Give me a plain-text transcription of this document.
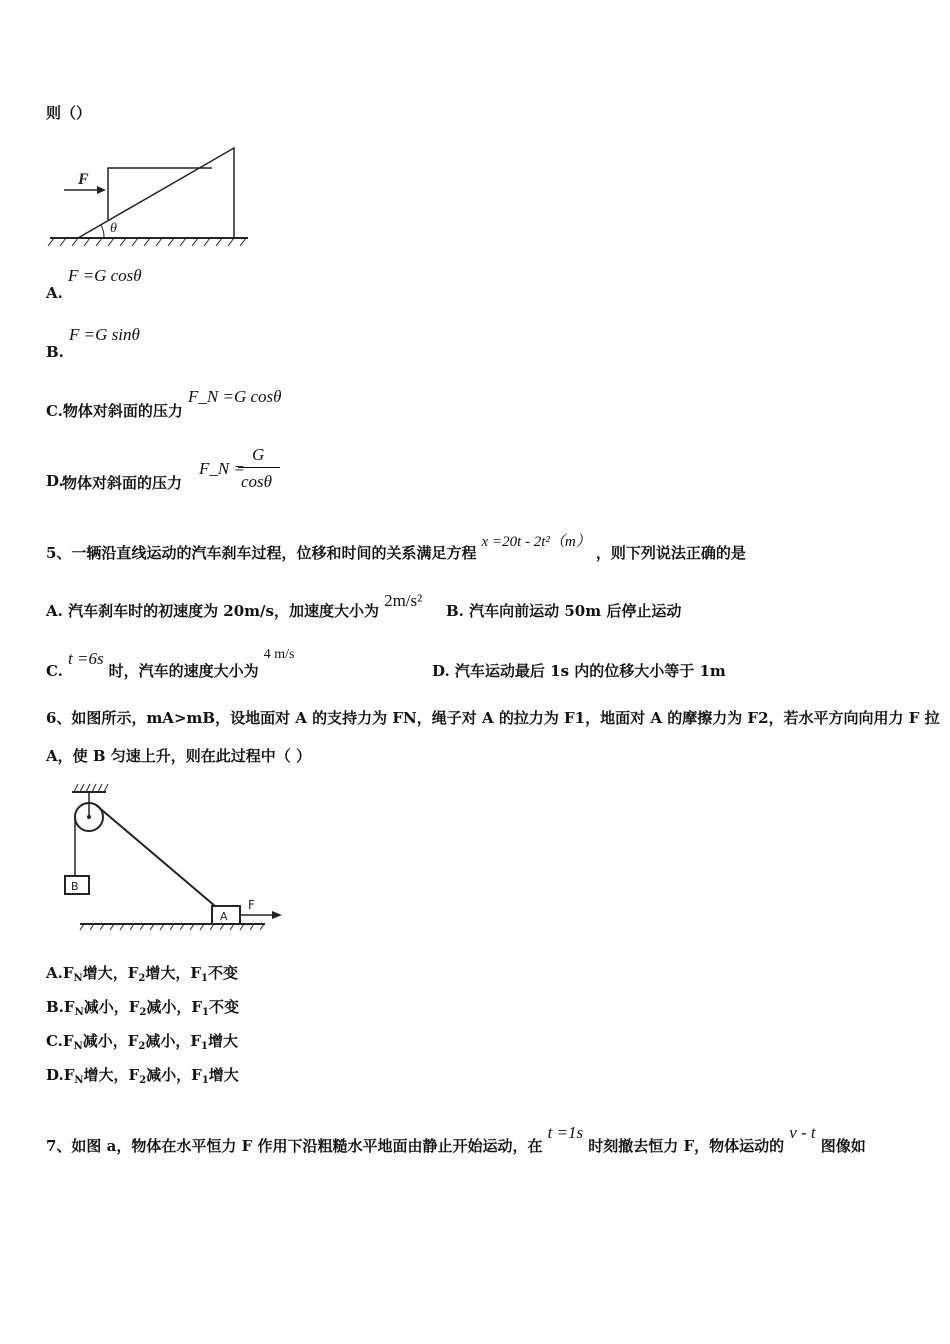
则（）
F
θ
A. F =G cosθ
B. F =G sinθ
C.物体对斜面的压力 F_N =G cosθ
D.
物体对斜面的压力
F_N =
G
cosθ
5、一辆沿直线运动的汽车刹车过程，位移和时间的关系满足方程 x =20t - 2t²（m） ，则下列说法正确的是
A. 汽车刹车时的初速度为 20m/s，加速度大小为 2m/s²
B. 汽车向前运动 50m 后停止运动
C. t =6s 时，汽车的速度大小为 4 m/s
D. 汽车运动最后 1s 内的位移大小等于 1m
6、如图所示，mA>mB，设地面对 A 的支持力为 FN，绳子对 A 的拉力为 F1，地面对 A 的摩擦力为 F2，若水平方向向用力 F 拉
A，使 B 匀速上升，则在此过程中（ ）
B
A
F
$A.F_N$增大，$F_2$增大，$F_1$不变
$B.F_N$减小，$F_2$减小，$F_1$不变
$C.F_N$减小，$F_2$减小，$F_1$增大
$D.F_N$增大，$F_2$减小，$F_1$增大
7、如图 a，物体在水平恒力 F 作用下沿粗糙水平地面由静止开始运动，在 t =1s 时刻撤去恒力 F，物体运动的 v - t 图像如
